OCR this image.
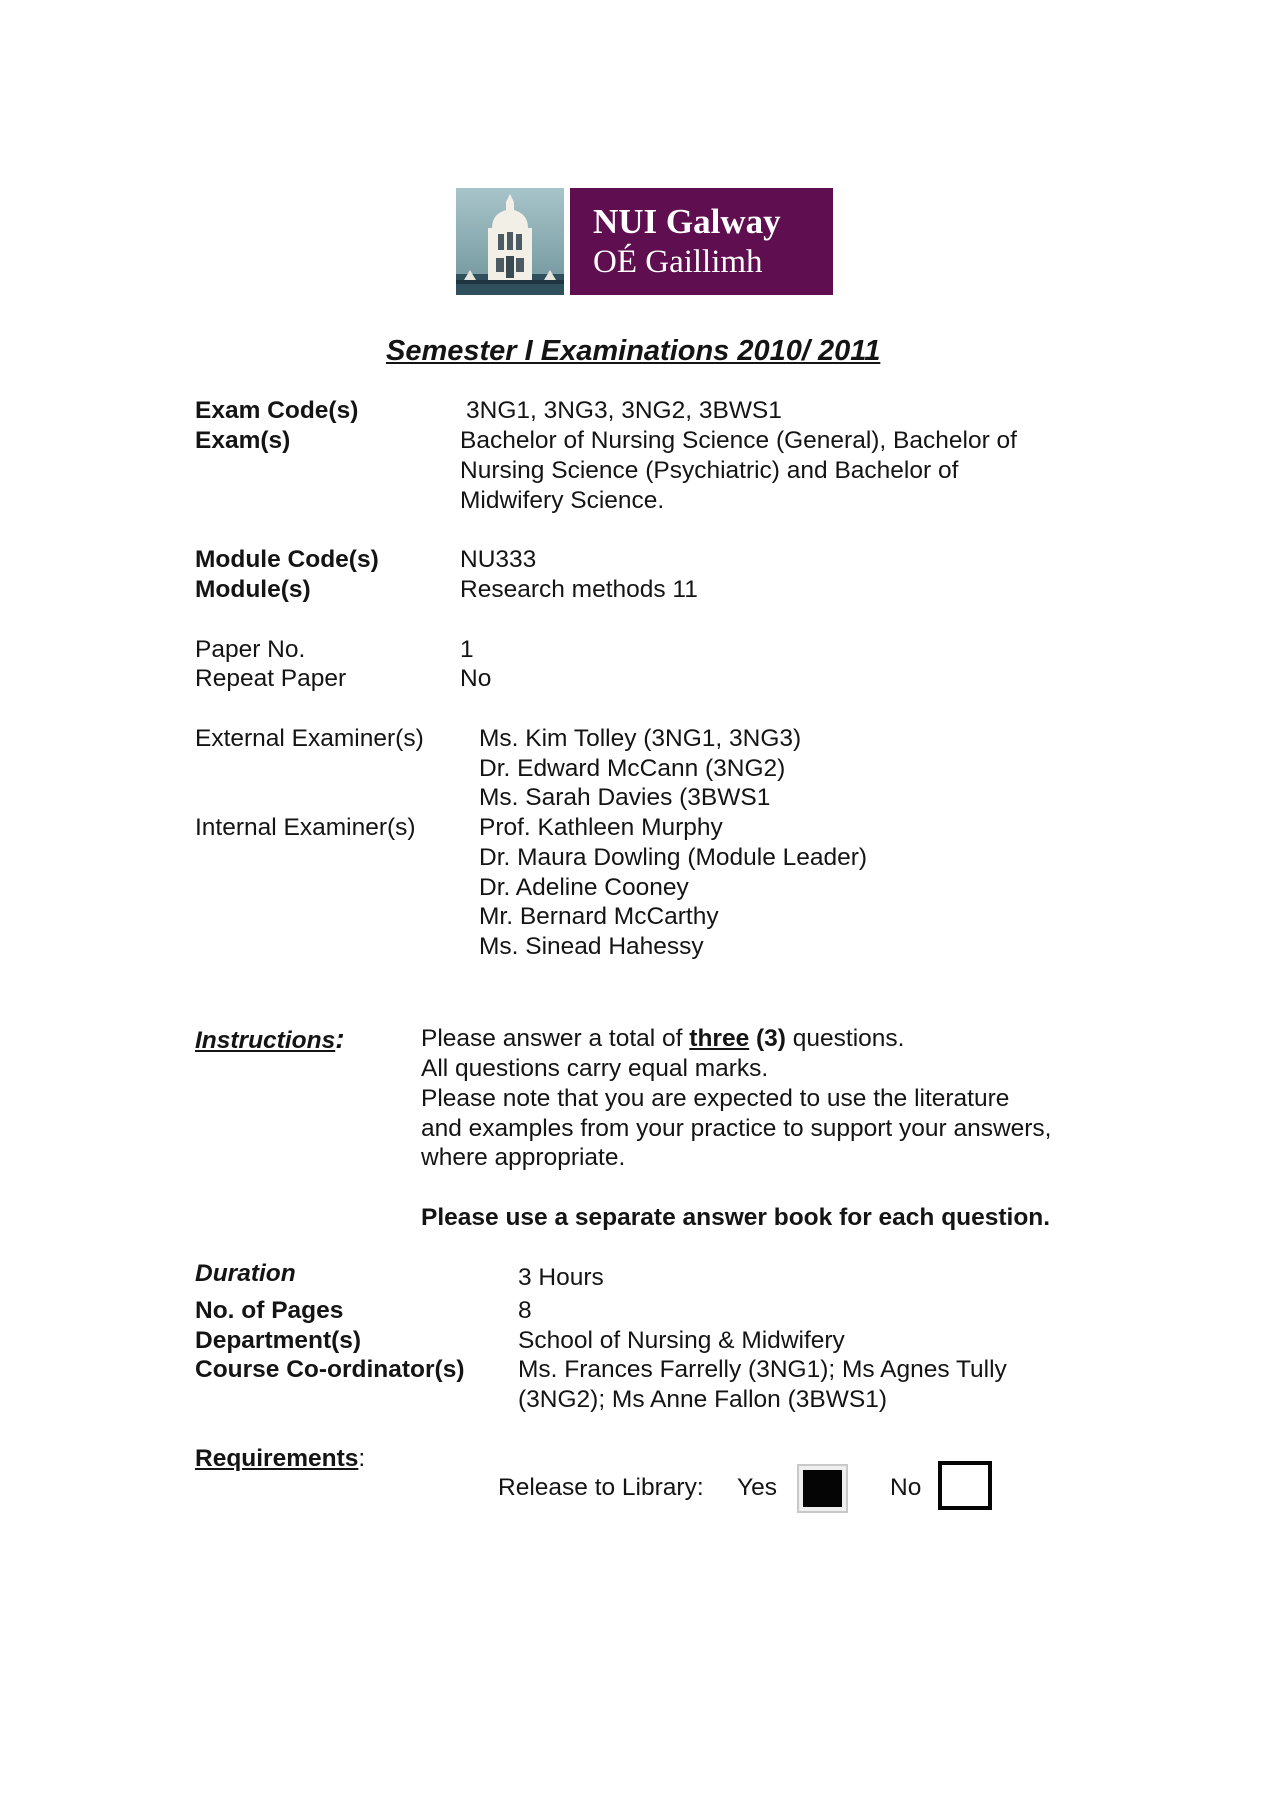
NUI Galway
OÉ Gaillimh
Semester I Examinations 2010/ 2011
Exam Code(s)	3NG1, 3NG3, 3NG2, 3BWS1
Exam(s)	Bachelor of Nursing Science (General), Bachelor of
Nursing Science (Psychiatric) and Bachelor of
Midwifery Science.
Module Code(s)	NU333
Module(s)	Research methods 11
Paper No.	1
Repeat Paper	No
External Examiner(s) Ms. Kim Tolley (3NG1, 3NG3)
Dr. Edward McCann (3NG2)
Ms. Sarah Davies (3BWS1
Internal Examiner(s)	Prof. Kathleen Murphy
Dr. Maura Dowling (Module Leader)
Dr. Adeline Cooney
Mr. Bernard McCarthy
Ms. Sinead Hahessy
Instructions:	Please answer a total of three (3) questions.
All questions carry equal marks.
Please note that you are expected to use the literature
and examples from your practice to support your answers,
where appropriate.
Please use a separate answer book for each question.
Duration	3 Hours
No. of Pages	8
Department(s)	School of Nursing & Midwifery
Course Co-ordinator(s) Ms. Frances Farrelly (3NG1); Ms Agnes Tully
(3NG2); Ms Anne Fallon (3BWS1)
Requirements:
Release to Library: Yes	No
